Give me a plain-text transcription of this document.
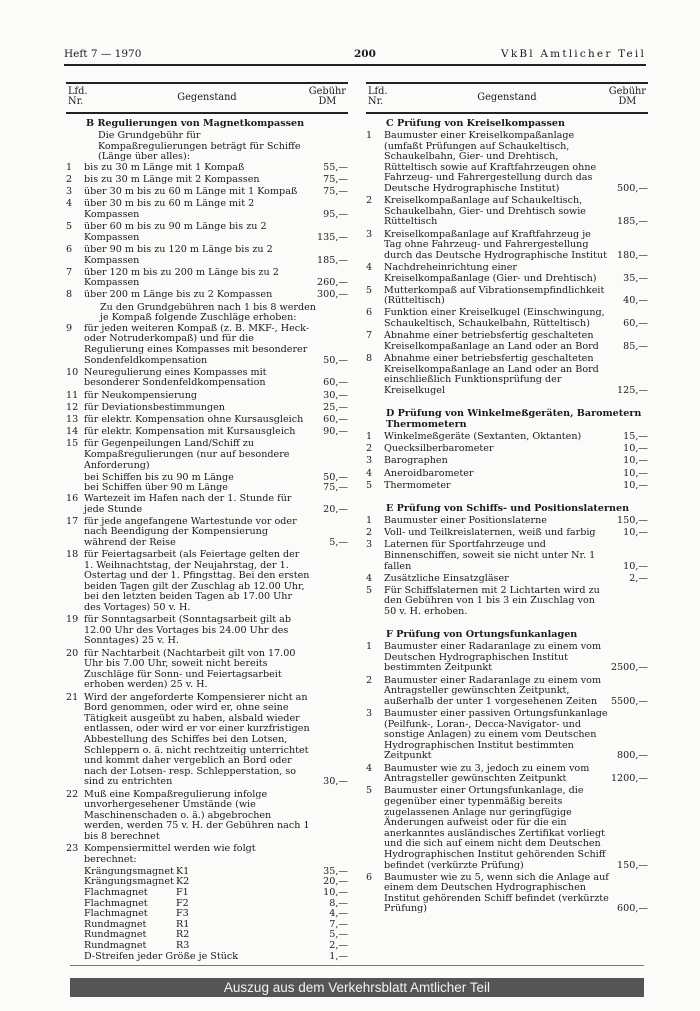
Heft 7 — 1970	200	VkBl Amtlicher Teil
Lfd.
Nr.	Gegenstand
Gebühr
DM
B Regulierungen von Magnetkompassen
Die Grundgebühr für Kompaßregulierungen beträgt für Schiffe (Länge über alles):
1	bis zu 30 m Länge mit 1 Kompaß	55,—
2	bis zu 30 m Länge mit 2 Kompassen	75,—
3	über 30 m bis zu 60 m Länge mit 1 Kompaß	75,—
4	über 30 m bis zu 60 m Länge mit 2 Kompassen	95,—
5	über 60 m bis zu 90 m Länge bis zu 2 Kompassen	135,—
6	über 90 m bis zu 120 m Länge bis zu 2 Kompassen	185,—
7	über 120 m bis zu 200 m Länge bis zu 2 Kompassen	260,—
8	über 200 m Länge bis zu 2 Kompassen	300,—
Zu den Grundgebühren nach 1 bis 8 werden je Kompaß folgende Zuschläge erhoben:
9	für jeden weiteren Kompaß (z. B. MKF-, Heck- oder Notruderkompaß) und für die Regulierung eines Kompasses mit besonderer Sondenfeldkompensation	50,—
10 Neuregulierung eines Kompasses mit besonderer Sondenfeldkompensation	60,—
11 für Neukompensierung	30,—
12 für Deviationsbestimmungen	25,—
13 für elektr. Kompensation ohne Kursausgleich	60,—
14 für elektr. Kompensation mit Kursausgleich	90,—
15 für Gegenpeilungen Land/Schiff zu Kompaßregulierungen (nur auf besondere Anforderung)
bei Schiffen bis zu 90 m Länge	50,—
bei Schiffen über 90 m Länge	75,—
16 Wartezeit im Hafen nach der 1. Stunde für jede Stunde	20,—
17 für jede angefangene Wartestunde vor oder nach Beendigung der Kompensierung während der Reise	5,—
18 für Feiertagsarbeit (als Feiertage gelten der 1. Weihnachtstag, der Neujahrstag, der 1. Ostertag und der 1. Pfingsttag. Bei den ersten beiden Tagen gilt der Zuschlag ab 12.00 Uhr, bei den letzten beiden Tagen ab 17.00 Uhr des Vortages) 50 v. H.
19 für Sonntagsarbeit (Sonntagsarbeit gilt ab 12.00 Uhr des Vortages bis 24.00 Uhr des Sonntages) 25 v. H.
20 für Nachtarbeit (Nachtarbeit gilt von 17.00 Uhr bis 7.00 Uhr, soweit nicht bereits Zuschläge für Sonn- und Feiertagsarbeit erhoben werden) 25 v. H.
21 Wird der angeforderte Kompensierer nicht an Bord genommen, oder wird er, ohne seine Tätigkeit ausgeübt zu haben, alsbald wieder entlassen, oder wird er vor einer kurzfristigen Abbestellung des Schiffes bei den Lotsen, Schleppern o. ä. nicht rechtzeitig unterrichtet und kommt daher vergeblich an Bord oder nach der Lotsen- resp. Schlepperstation, so sind zu entrichten	30,—
22 Muß eine Kompaßregulierung infolge unvorhergesehener Umstände (wie Maschinenschaden o. ä.) abgebrochen werden, werden 75 v. H. der Gebühren nach 1 bis 8 berechnet
23 Kompensiermittel werden wie folgt berechnet:
Krängungsmagnet K1	35,—
Krängungsmagnet K2	20,—
Flachmagnet	F1	10,—
Flachmagnet	F2	8,—
Flachmagnet	F3	4,—
Rundmagnet	R1	7,—
Rundmagnet	R2	5,—
Rundmagnet	R3	2,—
D-Streifen jeder Größe je Stück	1,—
Lfd.
Nr.	Gegenstand
Gebühr
DM
C Prüfung von Kreiselkompassen
1	Baumuster einer Kreiselkompaßanlage (umfaßt Prüfungen auf Schaukeltisch, Schaukelbahn, Gier- und Drehtisch, Rütteltisch sowie auf Kraftfahrzeugen ohne Fahrzeug- und Fahrergestellung durch das Deutsche Hydrographische Institut)	500,—
2	Kreiselkompaßanlage auf Schaukeltisch, Schaukelbahn, Gier- und Drehtisch sowie Rütteltisch	185,—
3	Kreiselkompaßanlage auf Kraftfahrzeug je Tag ohne Fahrzeug- und Fahrergestellung durch das Deutsche Hydrographische Institut	180,—
4	Nachdreheinrichtung einer Kreiselkompaßanlage (Gier- und Drehtisch)	35,—
5	Mutterkompaß auf Vibrationsempfindlichkeit (Rütteltisch)	40,—
6	Funktion einer Kreiselkugel (Einschwingung, Schaukeltisch, Schaukelbahn, Rütteltisch)	60,—
7	Abnahme einer betriebsfertig geschalteten Kreiselkompaßanlage an Land oder an Bord	85,—
8	Abnahme einer betriebsfertig geschalteten Kreiselkompaßanlage an Land oder an Bord einschließlich Funktionsprüfung der Kreiselkugel	125,—
D Prüfung von Winkelmeßgeräten, Barometern Thermometern
1	Winkelmeßgeräte (Sextanten, Oktanten)	15,—
2	Quecksilberbarometer	10,—
3	Barographen	10,—
4	Aneroidbarometer	10,—
5	Thermometer	10,—
E Prüfung von Schiffs- und Positionslaternen
1	Baumuster einer Positionslaterne	150,—
2	Voll- und Teilkreislaternen, weiß und farbig	10,—
3	Laternen für Sportfahrzeuge und Binnenschiffen, soweit sie nicht unter Nr. 1 fallen	10,—
4	Zusätzliche Einsatzgläser	2,—
5	Für Schiffslaternen mit 2 Lichtarten wird zu den Gebühren von 1 bis 3 ein Zuschlag von 50 v. H. erhoben.
F Prüfung von Ortungsfunkanlagen
1	Baumuster einer Radaranlage zu einem vom Deutschen Hydrographischen Institut bestimmten Zeitpunkt	2500,—
2	Baumuster einer Radaranlage zu einem vom Antragsteller gewünschten Zeitpunkt, außerhalb der unter 1 vorgesehenen Zeiten	5500,—
3	Baumuster einer passiven Ortungsfunkanlage (Peilfunk-, Loran-, Decca-Navigator- und sonstige Anlagen) zu einem vom Deutschen Hydrographischen Institut bestimmten Zeitpunkt	800,—
4	Baumuster wie zu 3, jedoch zu einem vom Antragsteller gewünschten Zeitpunkt	1200,—
5	Baumuster einer Ortungsfunkanlage, die gegenüber einer typenmäßig bereits zugelassenen Anlage nur geringfügige Änderungen aufweist oder für die ein anerkanntes ausländisches Zertifikat vorliegt und die sich auf einem nicht dem Deutschen Hydrographischen Institut gehörenden Schiff befindet (verkürzte Prüfung)	150,—
6	Baumuster wie zu 5, wenn sich die Anlage auf einem dem Deutschen Hydrographischen Institut gehörenden Schiff befindet (verkürzte Prüfung)	600,—
Auszug aus dem Verkehrsblatt Amtlicher Teil
